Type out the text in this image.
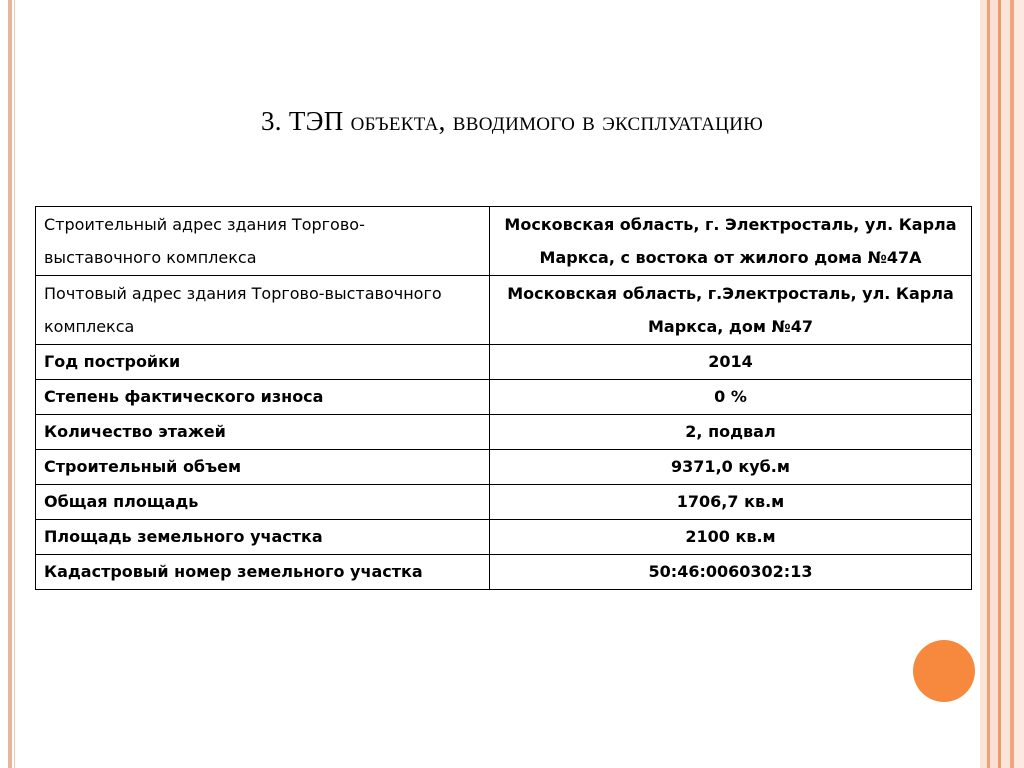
3. ТЭП объекта, вводимого в эксплуатацию
Строительный адрес здания Торгово-выставочного комплекса	Московская область, г. Электросталь, ул. Карла Маркса, с востока от жилого дома №47А
Почтовый адрес здания Торгово-выставочного комплекса	Московская область, г.Электросталь, ул. Карла Маркса, дом №47
Год постройки	2014
Степень фактического износа	0 %
Количество этажей	2, подвал
Строительный объем	9371,0 куб.м
Общая площадь	1706,7 кв.м
Площадь земельного участка	2100 кв.м
Кадастровый номер земельного участка	50:46:0060302:13
